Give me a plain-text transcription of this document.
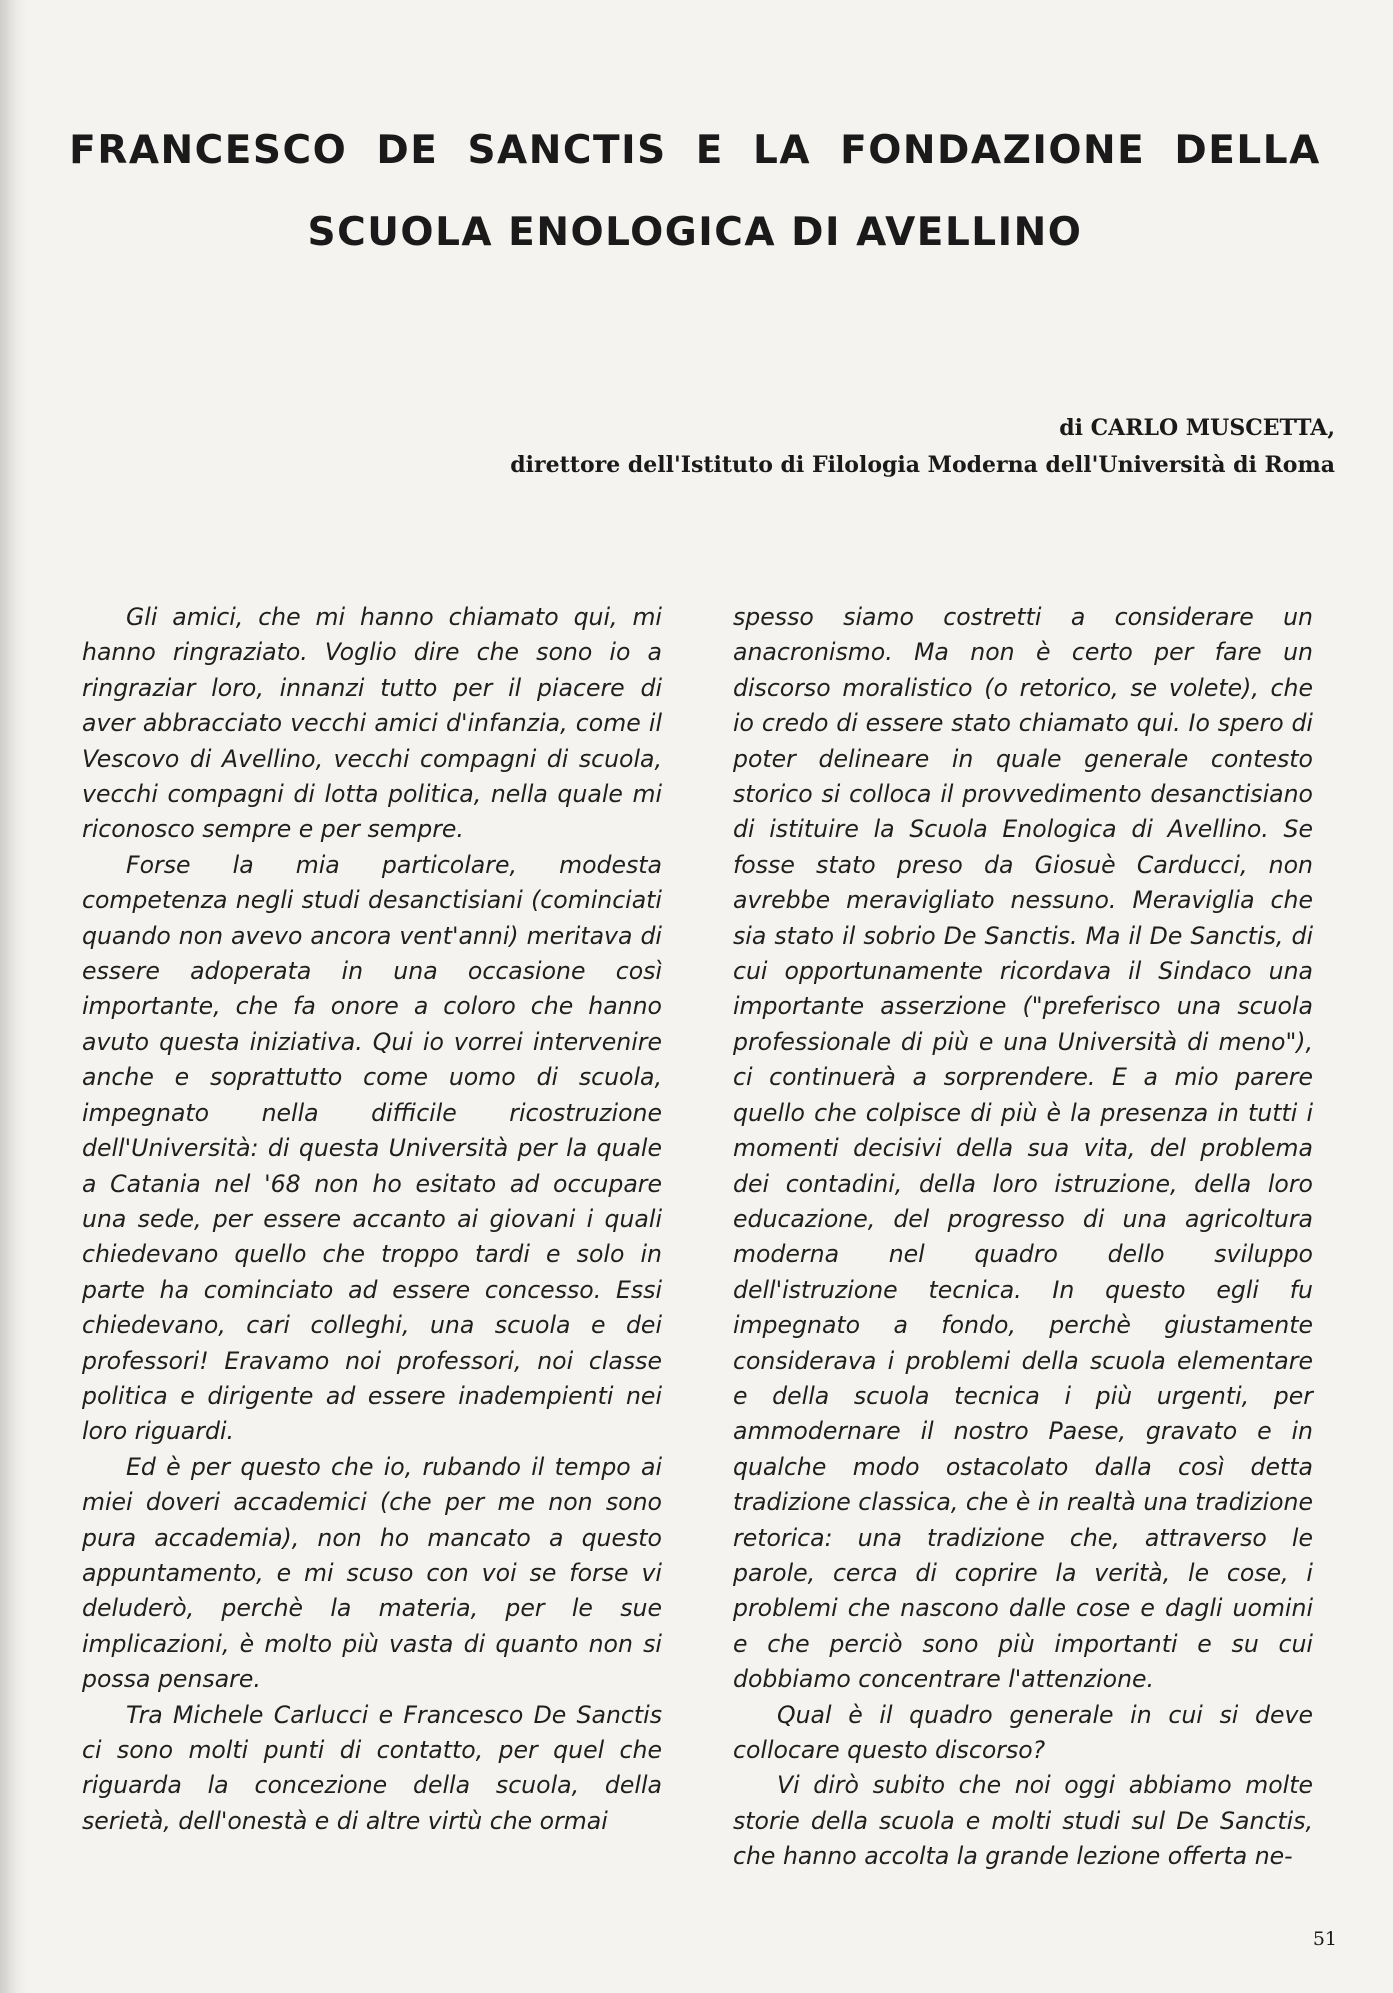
FRANCESCO DE SANCTIS E LA FONDAZIONE DELLA
SCUOLA ENOLOGICA DI AVELLINO
di CARLO MUSCETTA,
direttore dell'Istituto di Filologia Moderna dell'Università di Roma

Gli amici, che mi hanno chiamato qui, mi hanno ringraziato. Voglio dire che sono io a ringraziar loro, innanzi tutto per il piacere di aver abbracciato vecchi amici d'infanzia, come il Vescovo di Avellino, vecchi compagni di scuola, vecchi compagni di lotta politica, nella quale mi riconosco sempre e per sempre.

Forse la mia particolare, modesta competenza negli studi desanctisiani (cominciati quando non avevo ancora vent'anni) meritava di essere adoperata in una occasione così importante, che fa onore a coloro che hanno avuto questa iniziativa. Qui io vorrei intervenire anche e soprattutto come uomo di scuola, impegnato nella difficile ricostruzione dell'Università: di questa Università per la quale a Catania nel '68 non ho esitato ad occupare una sede, per essere accanto ai giovani i quali chiedevano quello che troppo tardi e solo in parte ha cominciato ad essere concesso. Essi chiedevano, cari colleghi, una scuola e dei professori! Eravamo noi professori, noi classe politica e dirigente ad essere inadempienti nei loro riguardi.

Ed è per questo che io, rubando il tempo ai miei doveri accademici (che per me non sono pura accademia), non ho mancato a questo appuntamento, e mi scuso con voi se forse vi deluderò, perchè la materia, per le sue implicazioni, è molto più vasta di quanto non si possa pensare.

Tra Michele Carlucci e Francesco De Sanctis ci sono molti punti di contatto, per quel che riguarda la concezione della scuola, della serietà, dell'onestà e di altre virtù che ormai

spesso siamo costretti a considerare un anacronismo. Ma non è certo per fare un discorso moralistico (o retorico, se volete), che io credo di essere stato chiamato qui. Io spero di poter delineare in quale generale contesto storico si colloca il provvedimento desanctisiano di istituire la Scuola Enologica di Avellino. Se fosse stato preso da Giosuè Carducci, non avrebbe meravigliato nessuno. Meraviglia che sia stato il sobrio De Sanctis. Ma il De Sanctis, di cui opportunamente ricordava il Sindaco una importante asserzione ("preferisco una scuola professionale di più e una Università di meno"), ci continuerà a sorprendere. E a mio parere quello che colpisce di più è la presenza in tutti i momenti decisivi della sua vita, del problema dei contadini, della loro istruzione, della loro educazione, del progresso di una agricoltura moderna nel quadro dello sviluppo dell'istruzione tecnica. In questo egli fu impegnato a fondo, perchè giustamente considerava i problemi della scuola elementare e della scuola tecnica i più urgenti, per ammodernare il nostro Paese, gravato e in qualche modo ostacolato dalla così detta tradizione classica, che è in realtà una tradizione retorica: una tradizione che, attraverso le parole, cerca di coprire la verità, le cose, i problemi che nascono dalle cose e dagli uomini e che perciò sono più importanti e su cui dobbiamo concentrare l'attenzione.

Qual è il quadro generale in cui si deve collocare questo discorso?

Vi dirò subito che noi oggi abbiamo molte storie della scuola e molti studi sul De Sanctis, che hanno accolta la grande lezione offerta ne-

51
